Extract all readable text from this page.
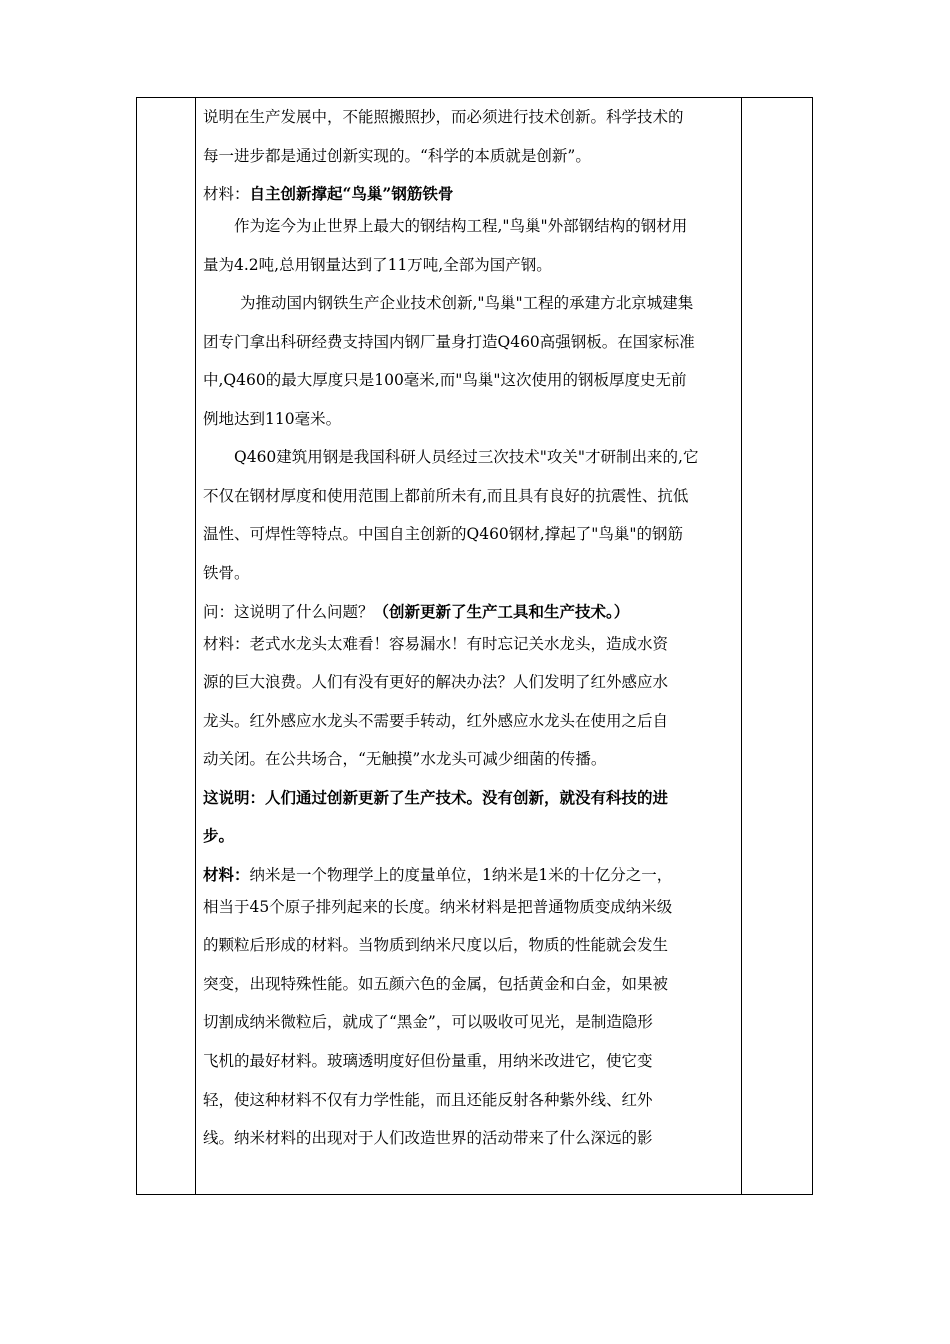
说明在生产发展中，不能照搬照抄，而必须进行技术创新。科学技术的
每一进步都是通过创新实现的。“科学的本质就是创新”。
材料：自主创新撑起“鸟巢”钢筋铁骨
作为迄今为止世界上最大的钢结构工程,"鸟巢"外部钢结构的钢材用
量为4.2吨,总用钢量达到了11万吨,全部为国产钢。
为推动国内钢铁生产企业技术创新,"鸟巢"工程的承建方北京城建集
团专门拿出科研经费支持国内钢厂量身打造Q460高强钢板。在国家标准
中,Q460的最大厚度只是100毫米,而"鸟巢"这次使用的钢板厚度史无前
例地达到110毫米。
Q460建筑用钢是我国科研人员经过三次技术"攻关"才研制出来的,它
不仅在钢材厚度和使用范围上都前所未有,而且具有良好的抗震性、抗低
温性、可焊性等特点。中国自主创新的Q460钢材,撑起了"鸟巢"的钢筋
铁骨。
问：这说明了什么问题？（创新更新了生产工具和生产技术。）
材料：老式水龙头太难看！容易漏水！有时忘记关水龙头，造成水资
源的巨大浪费。人们有没有更好的解决办法？人们发明了红外感应水
龙头。红外感应水龙头不需要手转动，红外感应水龙头在使用之后自
动关闭。在公共场合，“无触摸”水龙头可减少细菌的传播。
这说明：人们通过创新更新了生产技术。没有创新，就没有科技的进
步。
材料：纳米是一个物理学上的度量单位，1纳米是1米的十亿分之一，
相当于45个原子排列起来的长度。纳米材料是把普通物质变成纳米级
的颗粒后形成的材料。当物质到纳米尺度以后，物质的性能就会发生
突变，出现特殊性能。如五颜六色的金属，包括黄金和白金，如果被
切割成纳米微粒后，就成了“黑金”，可以吸收可见光，是制造隐形
飞机的最好材料。玻璃透明度好但份量重，用纳米改进它，使它变
轻，使这种材料不仅有力学性能，而且还能反射各种紫外线、红外
线。纳米材料的出现对于人们改造世界的活动带来了什么深远的影
